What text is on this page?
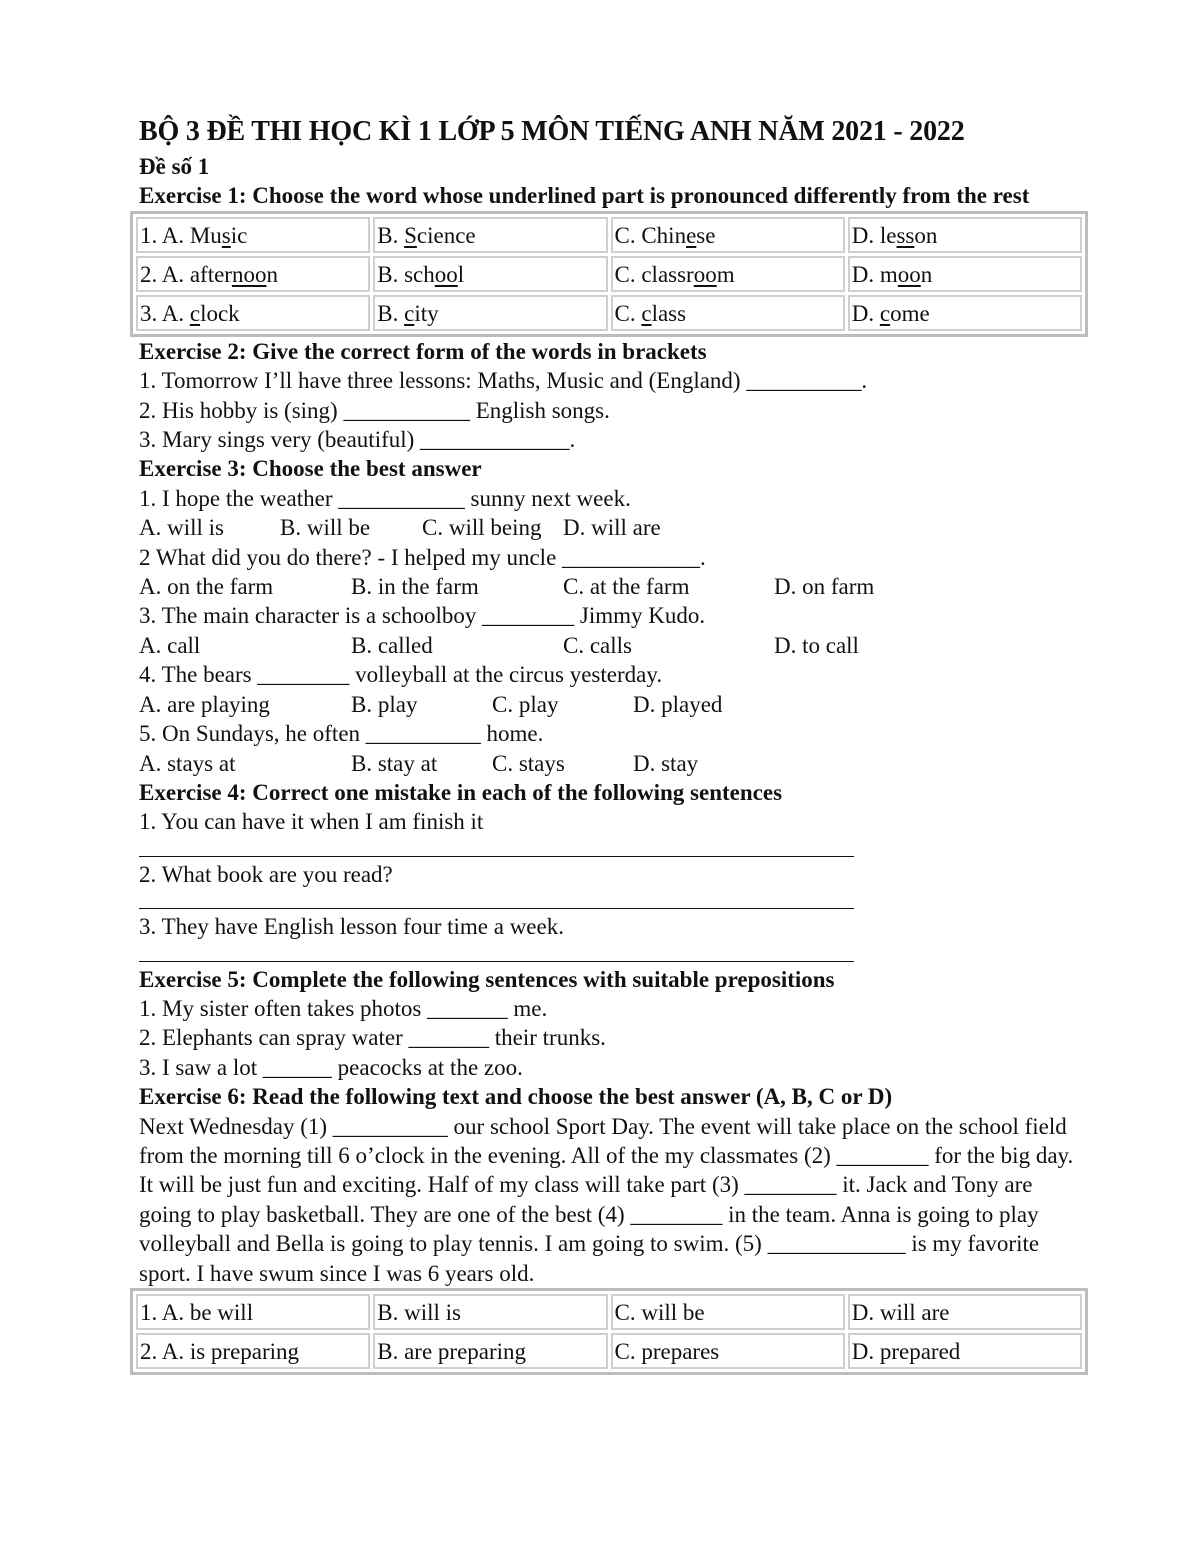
BỘ 3 ĐỀ THI HỌC KÌ 1 LỚP 5 MÔN TIẾNG ANH NĂM 2021 - 2022
Đề số 1
Exercise 1: Choose the word whose underlined part is pronounced differently from the rest
1. A. Music	B. Science	C. Chinese	D. lesson
2. A. afternoon	B. school	C. classroom	D. moon
3. A. clock	B. city	C. class	D. come
Exercise 2: Give the correct form of the words in brackets
1. Tomorrow I’ll have three lessons: Maths, Music and (England) __________.
2. His hobby is (sing) ___________ English songs.
3. Mary sings very (beautiful) _____________.
Exercise 3: Choose the best answer
1. I hope the weather ___________ sunny next week.
A. will is	B. will be	C. will being D. will are
2 What did you do there? - I helped my uncle ____________.
A. on the farm	B. in the farm	C. at the farm	D. on farm
3. The main character is a schoolboy ________ Jimmy Kudo.
A. call	B. called	C. calls	D. to call
4. The bears ________ volleyball at the circus yesterday.
A. are playing	B. play	C. play	D. played
5. On Sundays, he often __________ home.
A. stays at	B. stay at	C. stays	D. stay
Exercise 4: Correct one mistake in each of the following sentences
1. You can have it when I am finish it
2. What book are you read?
3. They have English lesson four time a week.
Exercise 5: Complete the following sentences with suitable prepositions
1. My sister often takes photos _______ me.
2. Elephants can spray water _______ their trunks.
3. I saw a lot ______ peacocks at the zoo.
Exercise 6: Read the following text and choose the best answer (A, B, C or D)
Next Wednesday (1) __________ our school Sport Day. The event will take place on the school field from the morning till 6 o’clock in the evening. All of the my classmates (2) ________ for the big day. It will be just fun and exciting. Half of my class will take part (3) ________ it. Jack and Tony are going to play basketball. They are one of the best (4) ________ in the team. Anna is going to play volleyball and Bella is going to play tennis. I am going to swim. (5) ____________ is my favorite sport. I have swum since I was 6 years old.
1. A. be will	B. will is	C. will be	D. will are
2. A. is preparing	B. are preparing	C. prepares	D. prepared
